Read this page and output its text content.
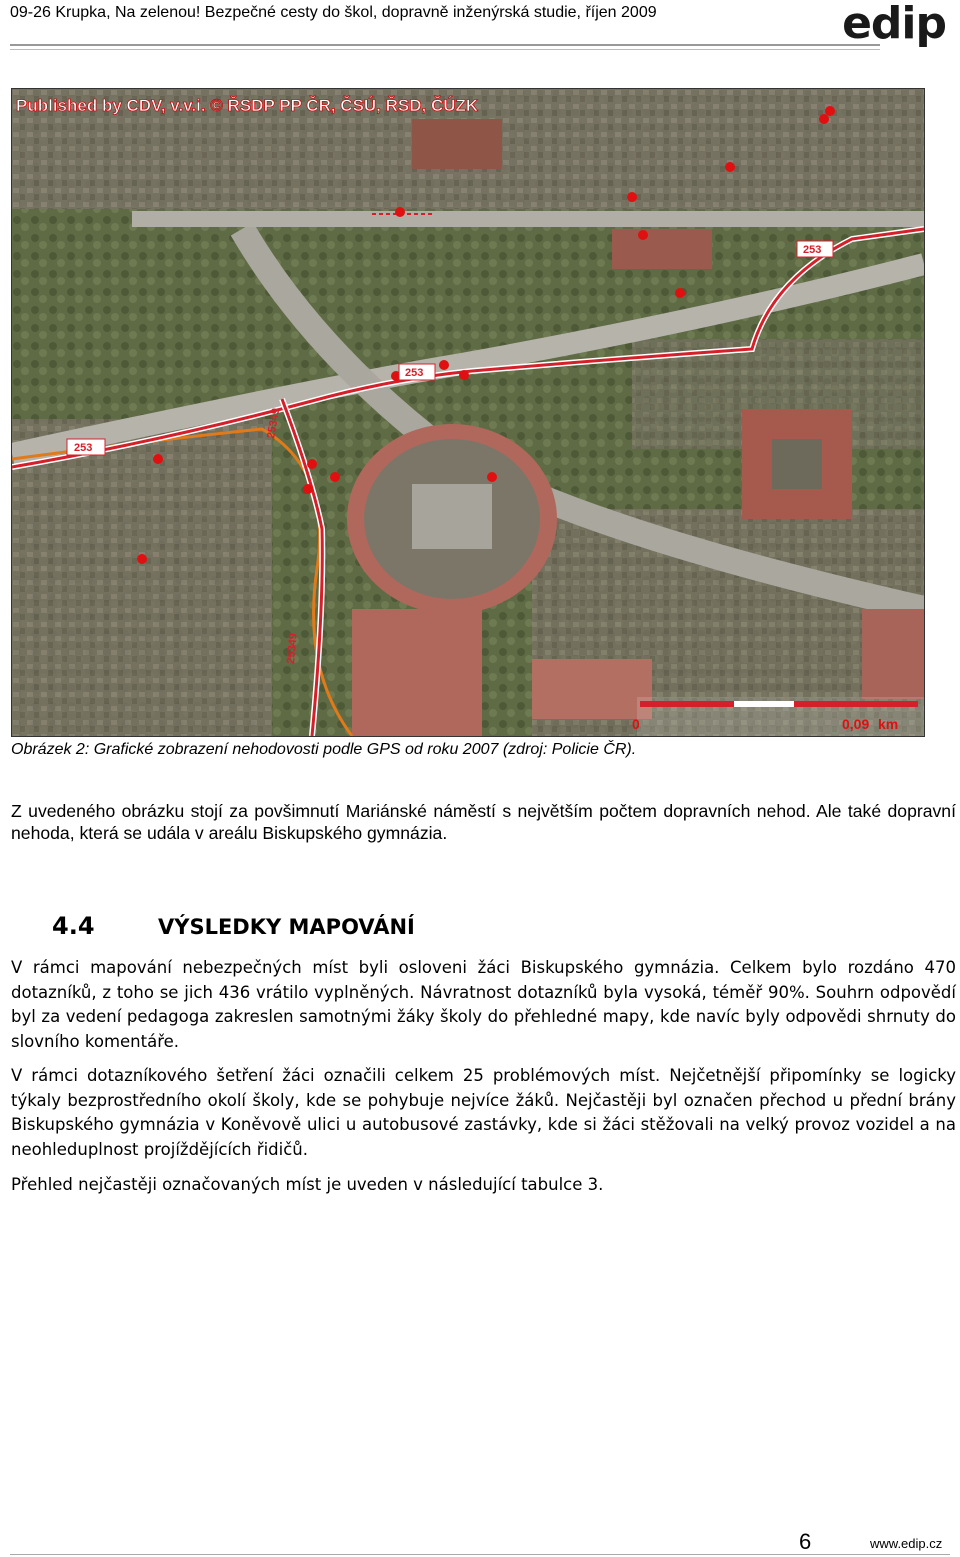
09-26 Krupka, Na zelenou! Bezpečné cesty do škol, dopravně inženýrská studie, říjen 2009	edip
253
253
253
25349
25349
Published by CDV, v.v.i. © ŘSDP PP ČR, ČSÚ, ŘSD, ČÚZK
0	0,09 km
Obrázek 2: Grafické zobrazení nehodovosti podle GPS od roku 2007 (zdroj: Policie ČR).
Z uvedeného obrázku stojí za povšimnutí Mariánské náměstí s největším počtem dopravních nehod. Ale také dopravní nehoda, která se udála v areálu Biskupského gymnázia.
4.4	VÝSLEDKY MAPOVÁNÍ
V rámci mapování nebezpečných míst byli osloveni žáci Biskupského gymnázia. Celkem bylo rozdáno 470 dotazníků, z toho se jich 436 vrátilo vyplněných. Návratnost dotazníků byla vysoká, téměř 90%. Souhrn odpovědí byl za vedení pedagoga zakreslen samotnými žáky školy do přehledné mapy, kde navíc byly odpovědi shrnuty do slovního komentáře.
V rámci dotazníkového šetření žáci označili celkem 25 problémových míst. Nejčetnější připomínky se logicky týkaly bezprostředního okolí školy, kde se pohybuje nejvíce žáků. Nejčastěji byl označen přechod u přední brány Biskupského gymnázia v Koněvově ulici u autobusové zastávky, kde si žáci stěžovali na velký provoz vozidel a na neohleduplnost projíždějících řidičů.
Přehled nejčastěji označovaných míst je uveden v následující tabulce 3.
6	www.edip.cz
